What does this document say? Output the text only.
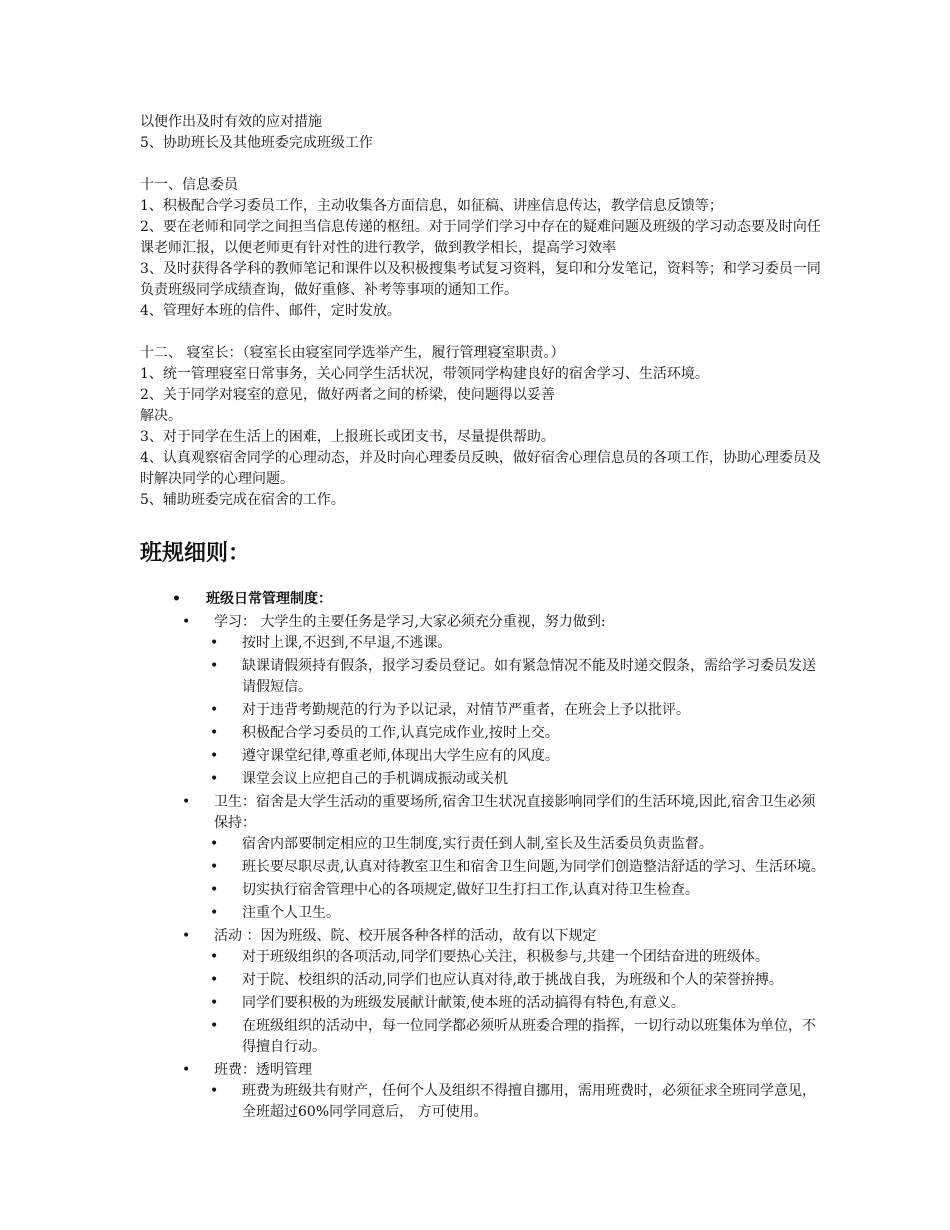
以便作出及时有效的应对措施

5、协助班长及其他班委完成班级工作

十一、信息委员

1、积极配合学习委员工作，主动收集各方面信息，如征稿、讲座信息传达，教学信息反馈等；

2、要在老师和同学之间担当信息传递的枢纽。对于同学们学习中存在的疑难问题及班级的学习动态要及时向任课老师汇报，以便老师更有针对性的进行教学，做到教学相长，提高学习效率

3、及时获得各学科的教师笔记和课件以及积极搜集考试复习资料，复印和分发笔记，资料等；和学习委员一同负责班级同学成绩查询，做好重修、补考等事项的通知工作。

4、管理好本班的信件、邮件，定时发放。

十二、 寝室长：（寝室长由寝室同学选举产生，履行管理寝室职责。）

1、统一管理寝室日常事务，关心同学生活状况，带领同学构建良好的宿舍学习、生活环境。

2、关于同学对寝室的意见，做好两者之间的桥梁，使问题得以妥善

解决。

3、对于同学在生活上的困难，上报班长或团支书，尽量提供帮助。

4、认真观察宿舍同学的心理动态，并及时向心理委员反映，做好宿舍心理信息员的各项工作，协助心理委员及时解决同学的心理问题。

5、辅助班委完成在宿舍的工作。

班规细则：
• 班级日常管理制度：
• 学习： 大学生的主要任务是学习,大家必须充分重视，努力做到:
• 按时上课,不迟到,不早退,不逃课。
• 缺课请假须持有假条，报学习委员登记。如有紧急情况不能及时递交假条，需给学习委员发送请假短信。
• 对于违背考勤规范的行为予以记录，对情节严重者，在班会上予以批评。
• 积极配合学习委员的工作,认真完成作业,按时上交。
• 遵守课堂纪律,尊重老师,体现出大学生应有的风度。
• 课堂会议上应把自己的手机调成振动或关机
• 卫生：宿舍是大学生活动的重要场所,宿舍卫生状况直接影响同学们的生活环境,因此,宿舍卫生必须保持：
• 宿舍内部要制定相应的卫生制度,实行责任到人制,室长及生活委员负责监督。
• 班长要尽职尽责,认真对待教室卫生和宿舍卫生问题,为同学们创造整洁舒适的学习、生活环境。
• 切实执行宿舍管理中心的各项规定,做好卫生打扫工作,认真对待卫生检查。
• 注重个人卫生。
• 活动 ：因为班级、院、校开展各种各样的活动，故有以下规定
• 对于班级组织的各项活动,同学们要热心关注，积极参与,共建一个团结奋进的班级体。
• 对于院、校组织的活动,同学们也应认真对待,敢于挑战自我，为班级和个人的荣誉拚搏。
• 同学们要积极的为班级发展献计献策,使本班的活动搞得有特色,有意义。
• 在班级组织的活动中，每一位同学都必须听从班委合理的指挥，一切行动以班集体为单位，不得擅自行动。
• 班费：透明管理
• 班费为班级共有财产，任何个人及组织不得擅自挪用，需用班费时，必须征求全班同学意见，全班超过60%同学同意后， 方可使用。
